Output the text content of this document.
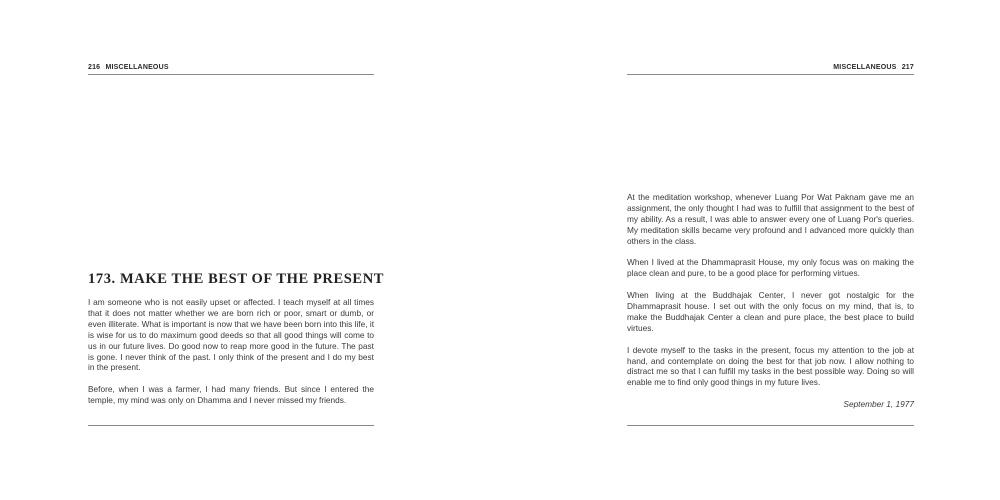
216 MISCELLANEOUS
173. MAKE THE BEST OF THE PRESENT

I am someone who is not easily upset or affected. I teach myself at all times that it does not matter whether we are born rich or poor, smart or dumb, or even illiterate. What is important is now that we have been born into this life, it is wise for us to do maximum good deeds so that all good things will come to us in our future lives. Do good now to reap more good in the future. The past is gone. I never think of the past. I only think of the present and I do my best in the present.

Before, when I was a farmer, I had many friends. But since I entered the temple, my mind was only on Dhamma and I never missed my friends.

MISCELLANEOUS 217

At the meditation workshop, whenever Luang Por Wat Paknam gave me an assignment, the only thought I had was to fulfill that assignment to the best of my ability. As a result, I was able to answer every one of Luang Por's queries. My meditation skills became very profound and I advanced more quickly than others in the class.

When I lived at the Dhammaprasit House, my only focus was on making the place clean and pure, to be a good place for performing virtues.

When living at the Buddhajak Center, I never got nostalgic for the Dhammaprasit house. I set out with the only focus on my mind, that is, to make the Buddhajak Center a clean and pure place, the best place to build virtues.

I devote myself to the tasks in the present, focus my attention to the job at hand, and contemplate on doing the best for that job now. I allow nothing to distract me so that I can fulfill my tasks in the best possible way. Doing so will enable me to find only good things in my future lives.

September 1, 1977
